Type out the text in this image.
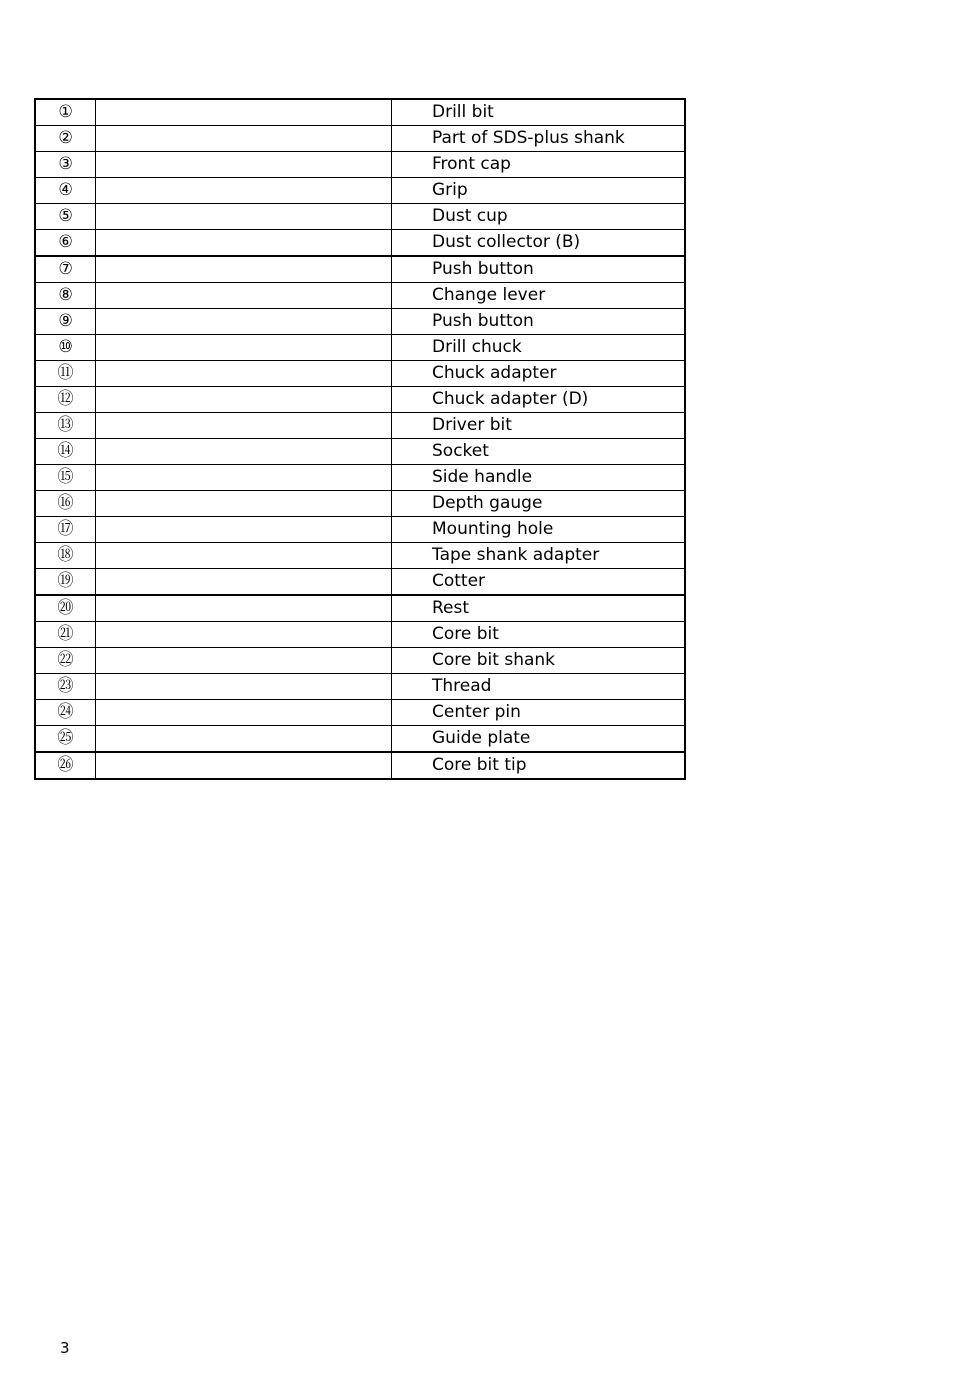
①		Drill bit
②		Part of SDS-plus shank
③		Front cap
④		Grip
⑤		Dust cup
⑥		Dust collector (B)
⑦		Push button
⑧		Change lever
⑨		Push button
⑩		Drill chuck
⑪		Chuck adapter
⑫		Chuck adapter (D)
⑬		Driver bit
⑭		Socket
⑮		Side handle
⑯		Depth gauge
⑰		Mounting hole
⑱		Tape shank adapter
⑲		Cotter
⑳		Rest
㉑		Core bit
㉒		Core bit shank
㉓		Thread
㉔		Center pin
㉕		Guide plate
㉖		Core bit tip
3
